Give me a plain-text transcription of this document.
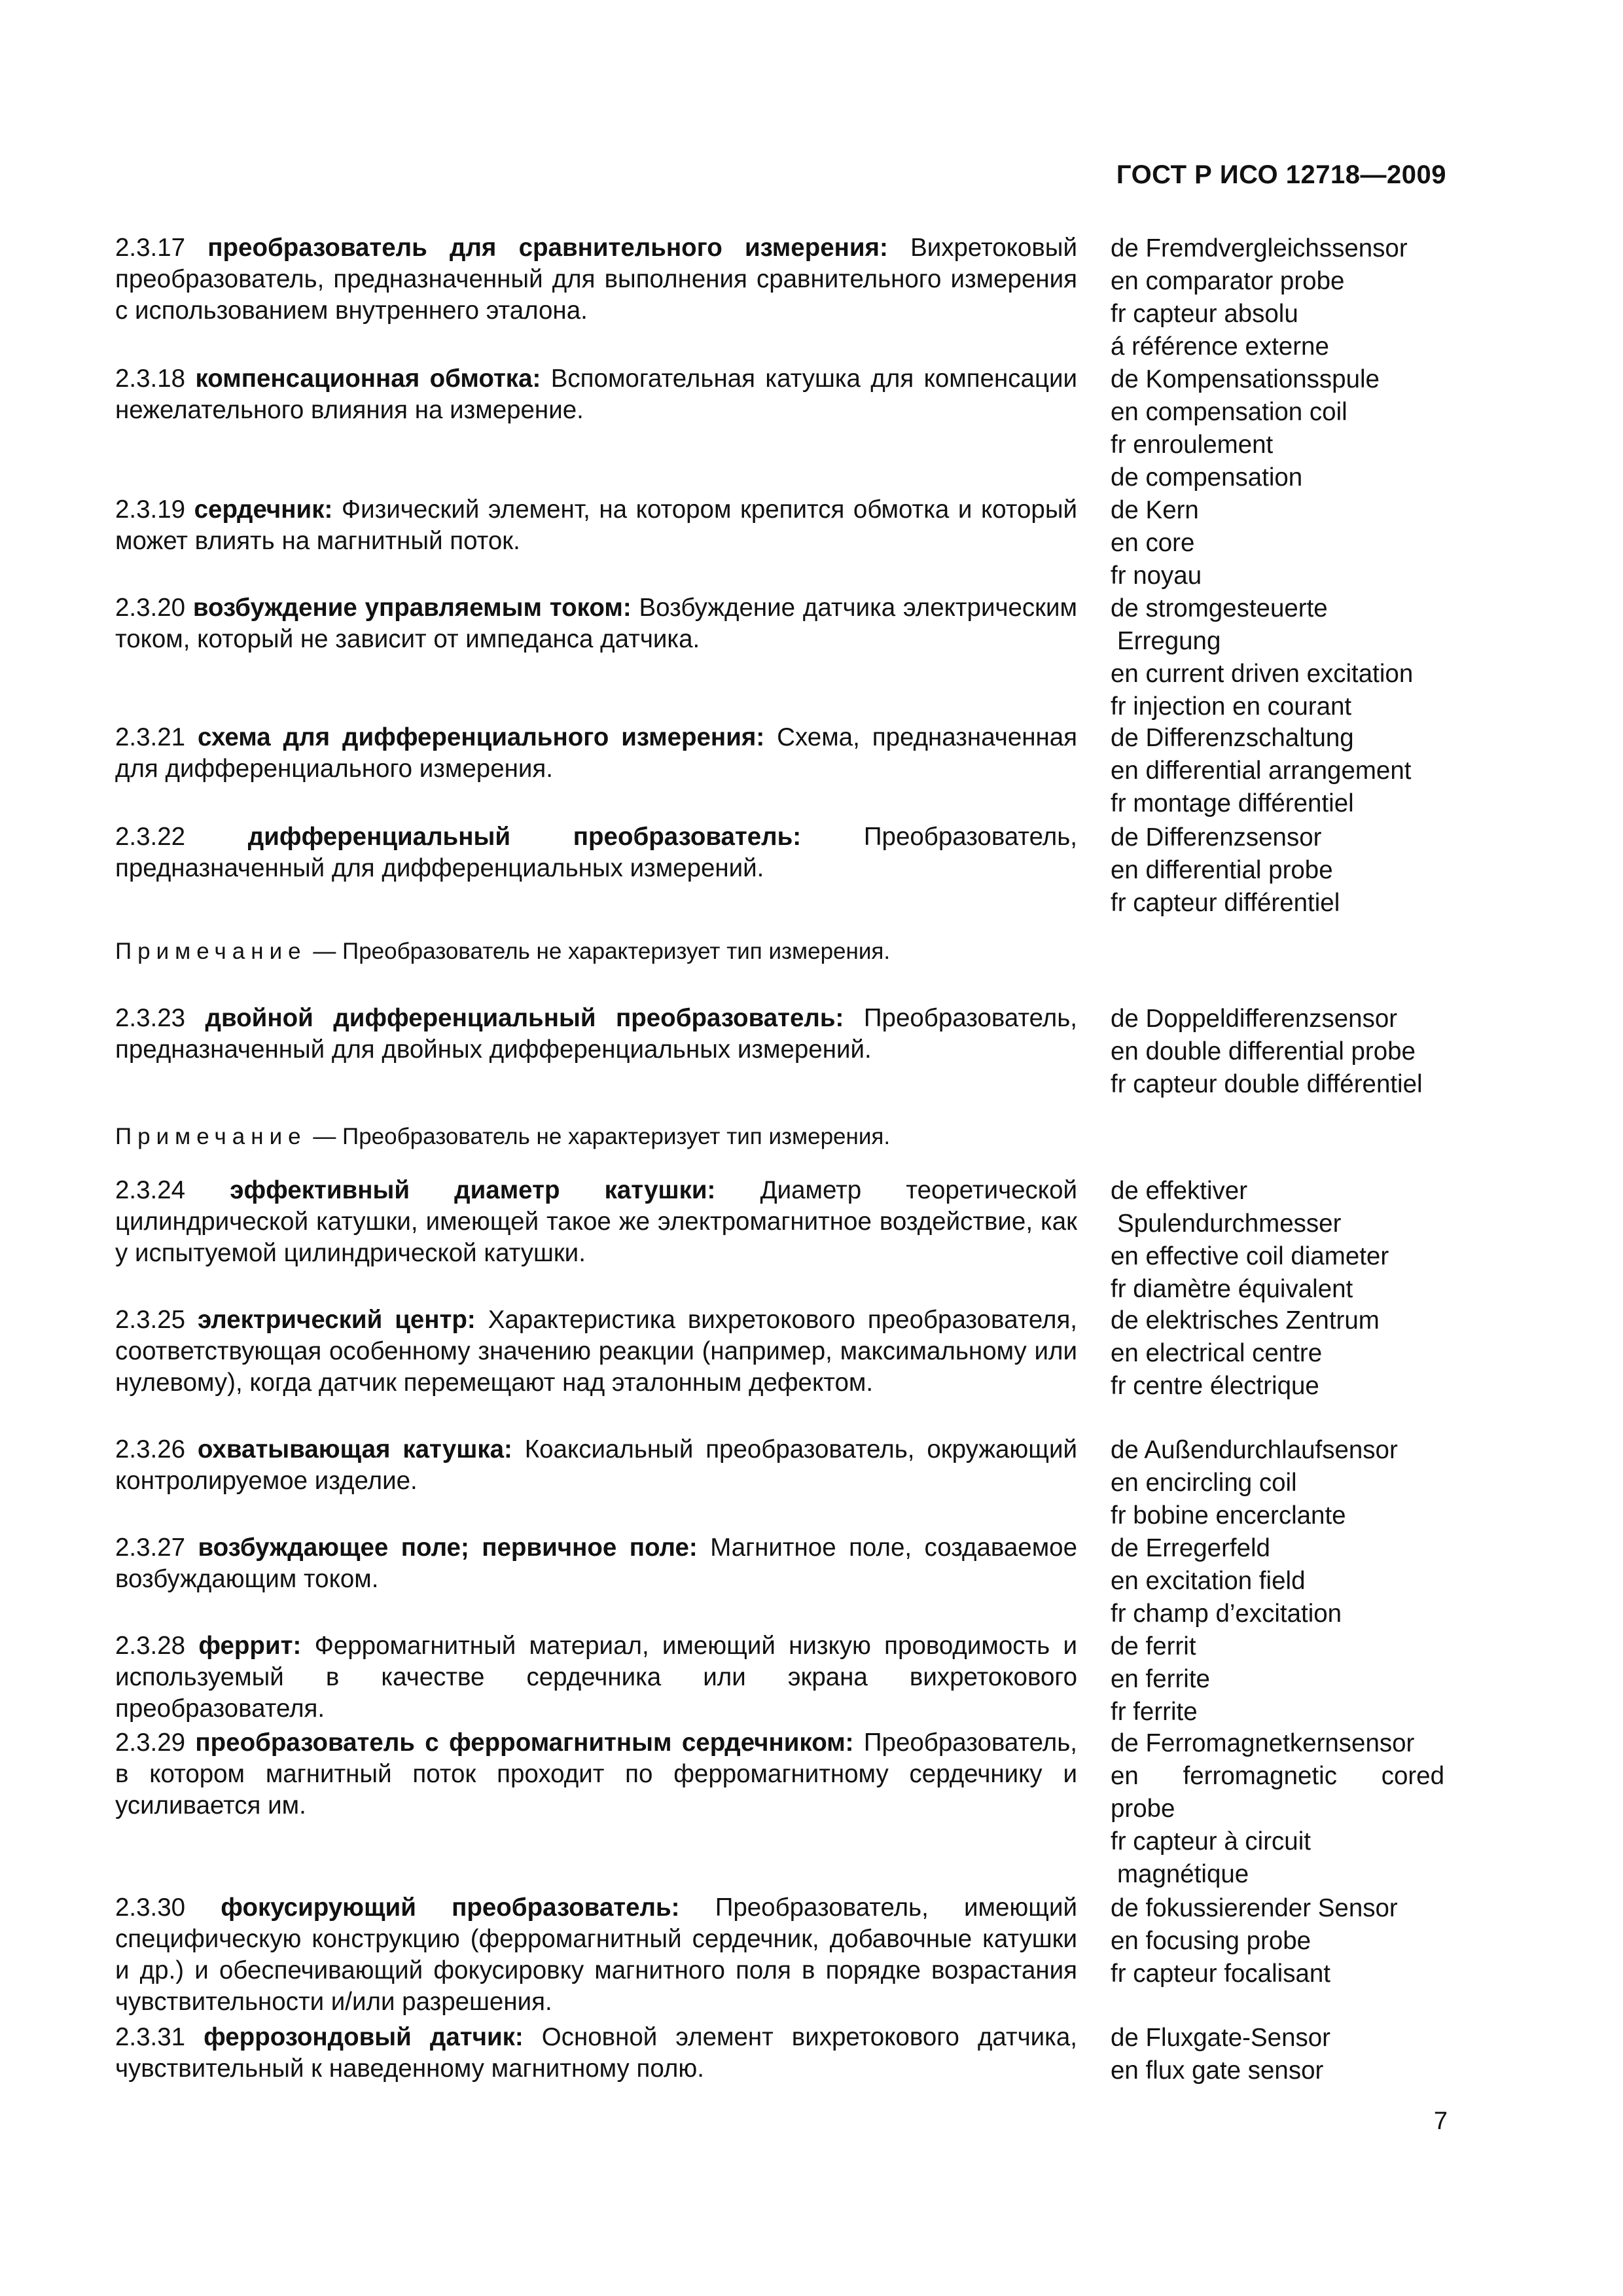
ГОСТ Р ИСО 12718—2009
2.3.17 преобразователь для сравнительного измерения: Вихретоковый преобразователь, предназначенный для выполнения сравнительного измерения с использованием внутреннего эталона.
de Fremdvergleichssensor
en comparator probe
fr capteur absolu
á référence externe
2.3.18 компенсационная обмотка: Вспомогательная катушка для компенсации нежелательного влияния на измерение.
de Kompensationsspule
en compensation coil
fr enroulement
de compensation
2.3.19 сердечник: Физический элемент, на котором крепится обмотка и который может влиять на магнитный поток.
de Kern
en core
fr noyau
2.3.20 возбуждение управляемым током: Возбуждение датчика электрическим током, который не зависит от импеданса датчика.
de stromgesteuerte
Erregung
en current driven excitation
fr injection en courant
2.3.21 схема для дифференциального измерения: Схема, предназначенная для дифференциального измерения.
de Differenzschaltung
en differential arrangement
fr montage différentiel
2.3.22 дифференциальный преобразователь: Преобразователь, предназначенный для дифференциальных измерений.
de Differenzsensor
en differential probe
fr capteur différentiel
Примечание — Преобразователь не характеризует тип измерения.
2.3.23 двойной дифференциальный преобразователь: Преобразователь, предназначенный для двойных дифференциальных измерений.
de Doppeldifferenzsensor
en double differential probe
fr capteur double différentiel
Примечание — Преобразователь не характеризует тип измерения.
2.3.24 эффективный диаметр катушки: Диаметр теоретической цилиндрической катушки, имеющей такое же электромагнитное воздействие, как у испытуемой цилиндрической катушки.
de effektiver
Spulendurchmesser
en effective coil diameter
fr diamètre équivalent
2.3.25 электрический центр: Характеристика вихретокового преобразователя, соответствующая особенному значению реакции (например, максимальному или нулевому), когда датчик перемещают над эталонным дефектом.
de elektrisches Zentrum
en electrical centre
fr centre électrique
2.3.26 охватывающая катушка: Коаксиальный преобразователь, окружающий контролируемое изделие.
de Außendurchlaufsensor
en encircling coil
fr bobine encerclante
2.3.27 возбуждающее поле; первичное поле: Магнитное поле, создаваемое возбуждающим током.
de Erregerfeld
en excitation field
fr champ d’excitation
2.3.28 феррит: Ферромагнитный материал, имеющий низкую проводимость и используемый в качестве сердечника или экрана вихретокового преобразователя.
de ferrit
en ferrite
fr ferrite
2.3.29 преобразователь с ферромагнитным сердечником: Преобразователь, в котором магнитный поток проходит по ферромагнитному сердечнику и усиливается им.
de Ferromagnetkernsensor
en ferromagnetic cored
probe
fr capteur à circuit
magnétique
2.3.30 фокусирующий преобразователь: Преобразователь, имеющий специфическую конструкцию (ферромагнитный сердечник, добавочные катушки и др.) и обеспечивающий фокусировку магнитного поля в порядке возрастания чувствительности и/или разрешения.
de fokussierender Sensor
en focusing probe
fr capteur focalisant
2.3.31 феррозондовый датчик: Основной элемент вихретокового датчика, чувствительный к наведенному магнитному полю.
de Fluxgate-Sensor
en flux gate sensor
7
